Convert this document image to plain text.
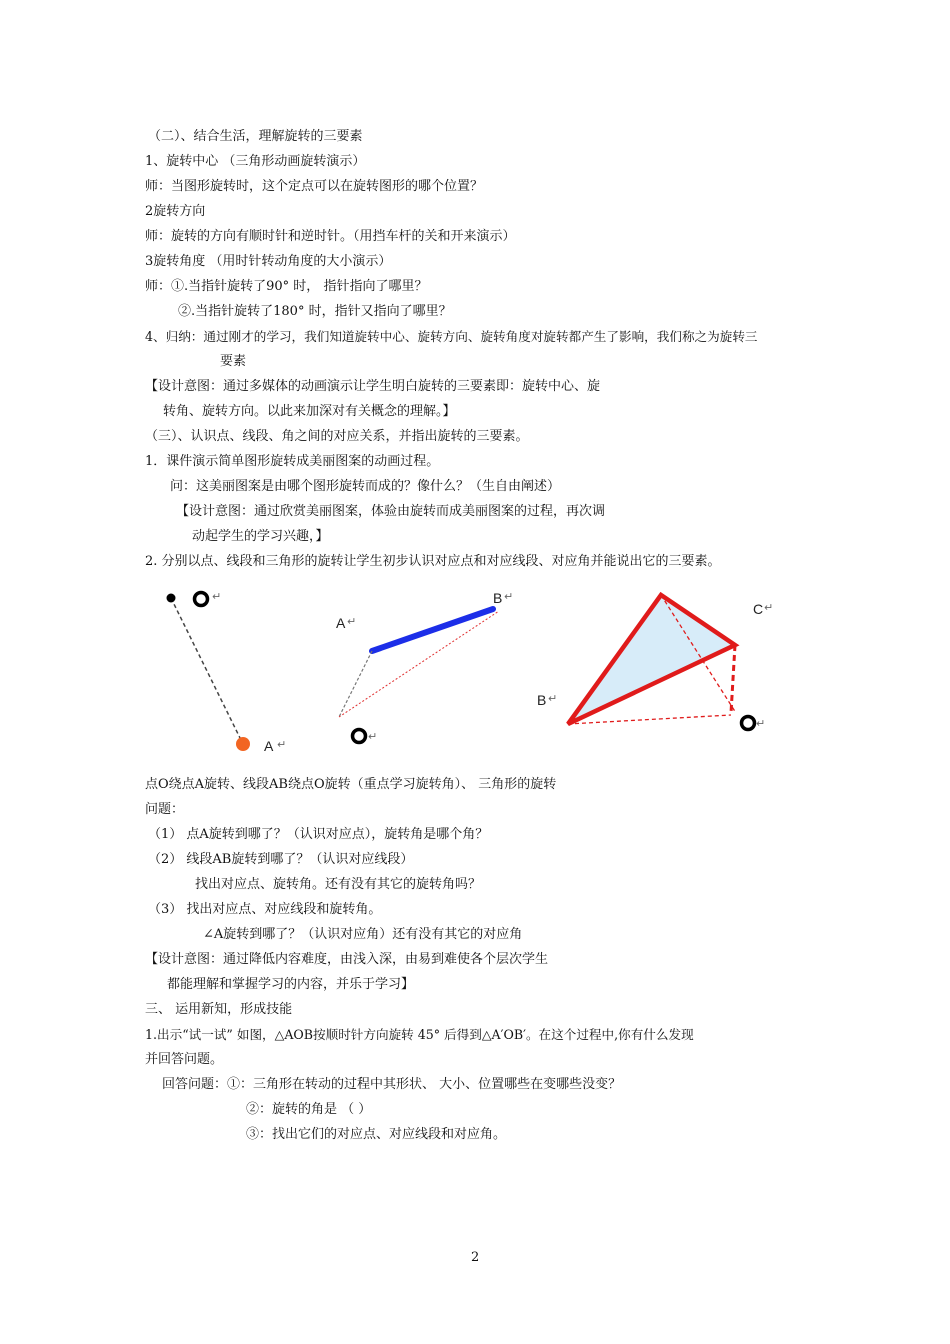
（二）、结合生活，理解旋转的三要素
1、旋转中心 （三角形动画旋转演示）
师：当图形旋转时，这个定点可以在旋转图形的哪个位置？
2旋转方向
师：旋转的方向有顺时针和逆时针。（用挡车杆的关和开来演示）
3旋转角度 （用时针转动角度的大小演示）
师：①.当指针旋转了90° 时， 指针指向了哪里？
②.当指针旋转了180° 时，指针又指向了哪里？
4、归纳：通过刚才的学习，我们知道旋转中心、旋转方向、旋转角度对旋转都产生了影响，我们称之为旋转三
要素
【设计意图：通过多媒体的动画演示让学生明白旋转的三要素即：旋转中心、旋
转角、旋转方向。以此来加深对有关概念的理解。】
（三）、认识点、线段、角之间的对应关系，并指出旋转的三要素。
1．课件演示简单图形旋转成美丽图案的动画过程。
问：这美丽图案是由哪个图形旋转而成的？像什么？（生自由阐述）
【设计意图：通过欣赏美丽图案，体验由旋转而成美丽图案的过程，再次调
动起学生的学习兴趣，】
2. 分别以点、线段和三角形的旋转让学生初步认识对应点和对应线段、对应角并能说出它的三要素。
↵
A ↵
B ↵
A ↵
↵
C ↵
B ↵
↵
点O绕点A旋转、线段AB绕点O旋转（重点学习旋转角）、 三角形的旋转
问题：
（1） 点A旋转到哪了？（认识对应点），旋转角是哪个角？
（2） 线段AB旋转到哪了？（认识对应线段）
找出对应点、旋转角。还有没有其它的旋转角吗？
（3） 找出对应点、对应线段和旋转角。
∠A旋转到哪了？（认识对应角）还有没有其它的对应角
【设计意图：通过降低内容难度，由浅入深，由易到难使各个层次学生
都能理解和掌握学习的内容，并乐于学习】
三、 运用新知，形成技能
1.出示“试一试” 如图，△AOB按顺时针方向旋转 45° 后得到△A′OB′。在这个过程中,你有什么发现
并回答问题。
回答问题：①：三角形在转动的过程中其形状、 大小、位置哪些在变哪些没变？
②：旋转的角是 （ ）
③：找出它们的对应点、对应线段和对应角。
2
